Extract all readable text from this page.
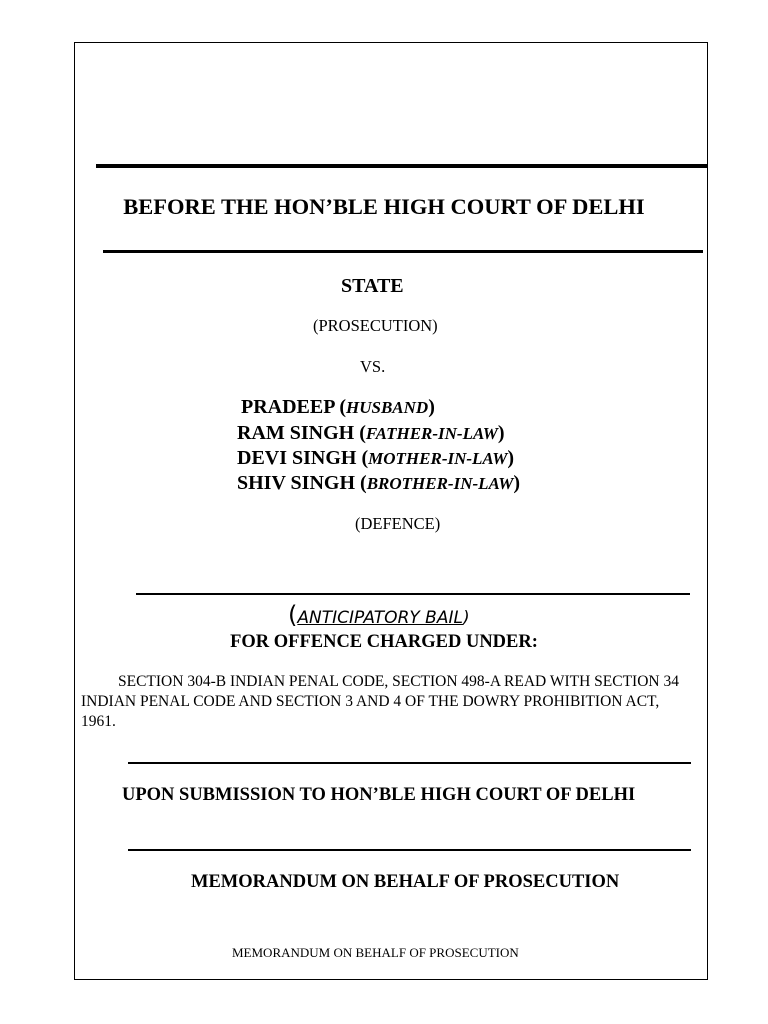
BEFORE THE HON’BLE HIGH COURT OF DELHI
STATE
(PROSECUTION)
VS.
PRADEEP (HUSBAND)
RAM SINGH (FATHER-IN-LAW)
DEVI SINGH (MOTHER-IN-LAW)
SHIV SINGH (BROTHER-IN-LAW)
(DEFENCE)
(ANTICIPATORY BAIL)
FOR OFFENCE CHARGED UNDER:
SECTION 304-B INDIAN PENAL CODE, SECTION 498-A READ WITH SECTION 34 INDIAN PENAL CODE AND SECTION 3 AND 4 OF THE DOWRY PROHIBITION ACT, 1961.
UPON SUBMISSION TO HON’BLE HIGH COURT OF DELHI
MEMORANDUM ON BEHALF OF PROSECUTION
MEMORANDUM ON BEHALF OF PROSECUTION
